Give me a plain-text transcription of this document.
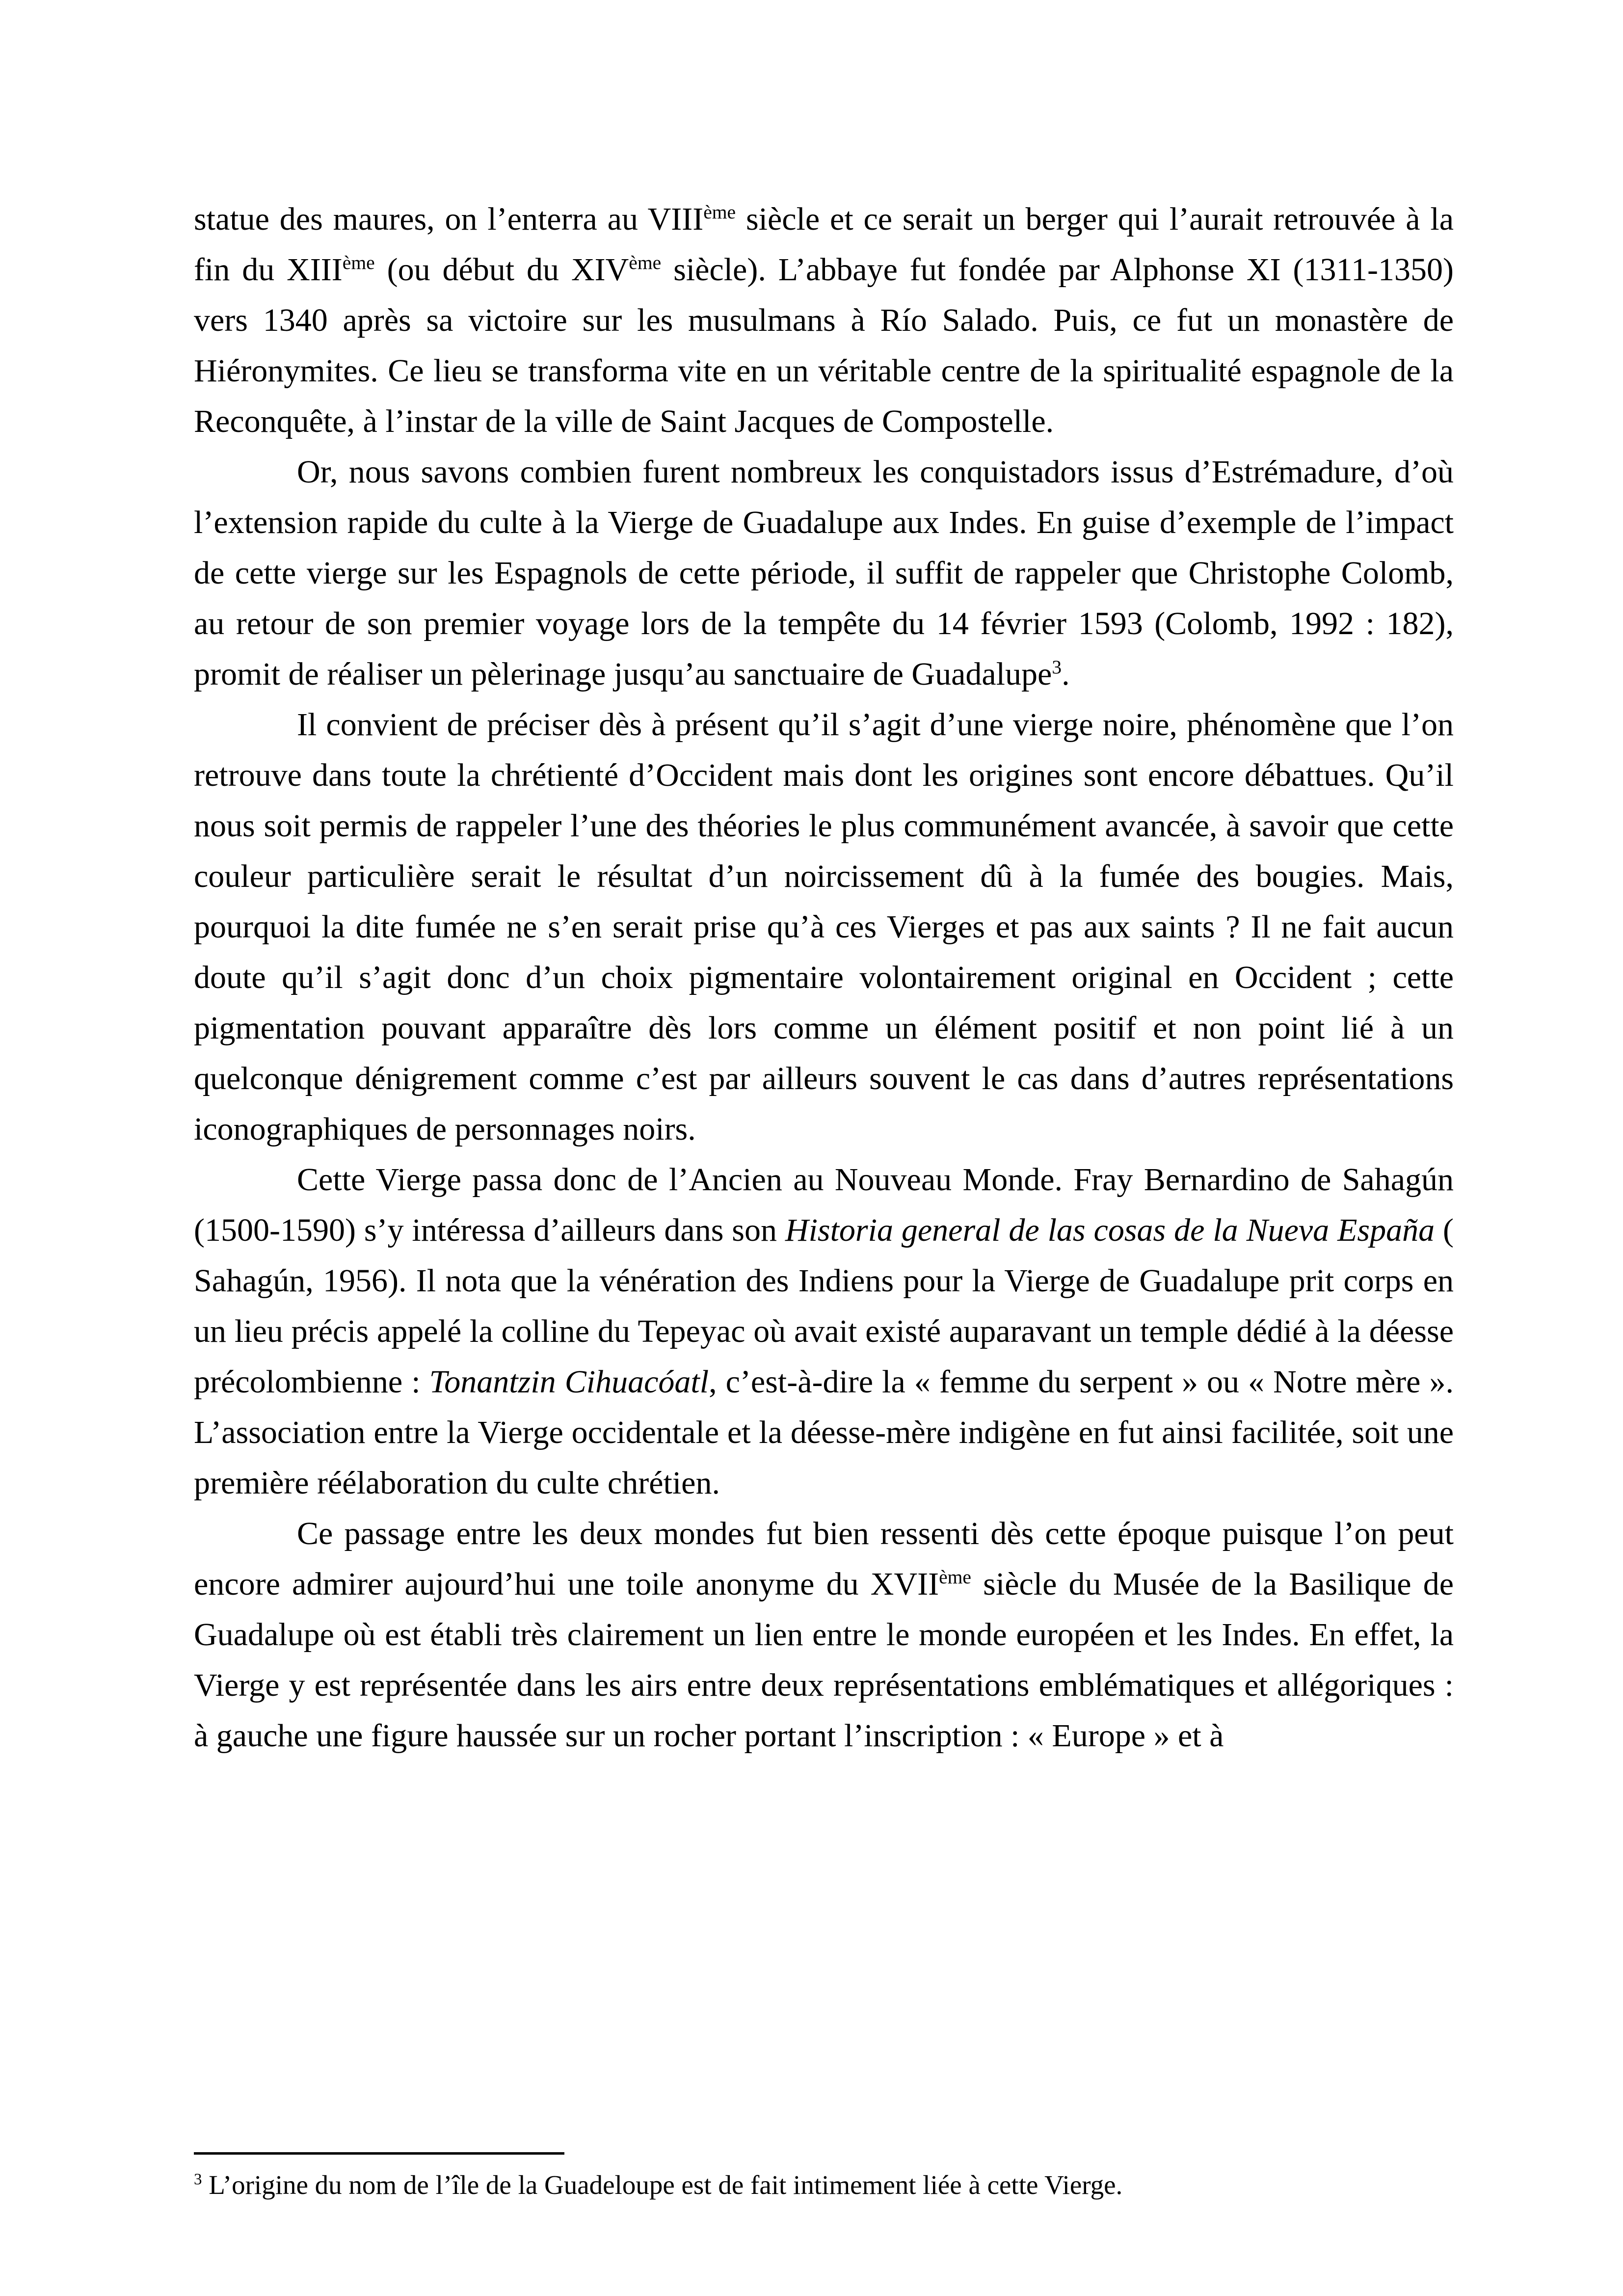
statue des maures, on l’enterra au VIIIème siècle et ce serait un berger qui l’aurait retrouvée à la fin du XIIIème (ou début du XIVème siècle). L’abbaye fut fondée par Alphonse XI (1311-1350) vers 1340 après sa victoire sur les musulmans à Río Salado. Puis, ce fut un monastère de Hiéronymites. Ce lieu se transforma vite en un véritable centre de la spiritualité espagnole de la Reconquête, à l’instar de la ville de Saint Jacques de Compostelle.

Or, nous savons combien furent nombreux les conquistadors issus d’Estrémadure, d’où l’extension rapide du culte à la Vierge de Guadalupe aux Indes. En guise d’exemple de l’impact de cette vierge sur les Espagnols de cette période, il suffit de rappeler que Christophe Colomb, au retour de son premier voyage lors de la tempête du 14 février 1593 (Colomb, 1992 : 182), promit de réaliser un pèlerinage jusqu’au sanctuaire de Guadalupe$^3$.

Il convient de préciser dès à présent qu’il s’agit d’une vierge noire, phénomène que l’on retrouve dans toute la chrétienté d’Occident mais dont les origines sont encore débattues. Qu’il nous soit permis de rappeler l’une des théories le plus communément avancée, à savoir que cette couleur particulière serait le résultat d’un noircissement dû à la fumée des bougies. Mais, pourquoi la dite fumée ne s’en serait prise qu’à ces Vierges et pas aux saints ? Il ne fait aucun doute qu’il s’agit donc d’un choix pigmentaire volontairement original en Occident ; cette pigmentation pouvant apparaître dès lors comme un élément positif et non point lié à un quelconque dénigrement comme c’est par ailleurs souvent le cas dans d’autres représentations iconographiques de personnages noirs.

Cette Vierge passa donc de l’Ancien au Nouveau Monde. Fray Bernardino de Sahagún (1500-1590) s’y intéressa d’ailleurs dans son Historia general de las cosas de la Nueva España ( Sahagún, 1956). Il nota que la vénération des Indiens pour la Vierge de Guadalupe prit corps en un lieu précis appelé la colline du Tepeyac où avait existé auparavant un temple dédié à la déesse précolombienne : Tonantzin Cihuacóatl, c’est-à-dire la « femme du serpent » ou « Notre mère ». L’association entre la Vierge occidentale et la déesse-mère indigène en fut ainsi facilitée, soit une première réélaboration du culte chrétien.

Ce passage entre les deux mondes fut bien ressenti dès cette époque puisque l’on peut encore admirer aujourd’hui une toile anonyme du XVIIème siècle du Musée de la Basilique de Guadalupe où est établi très clairement un lien entre le monde européen et les Indes. En effet, la Vierge y est représentée dans les airs entre deux représentations emblématiques et allégoriques : à gauche une figure haussée sur un rocher portant l’inscription : « Europe » et à

$^3$ L’origine du nom de l’île de la Guadeloupe est de fait intimement liée à cette Vierge.
